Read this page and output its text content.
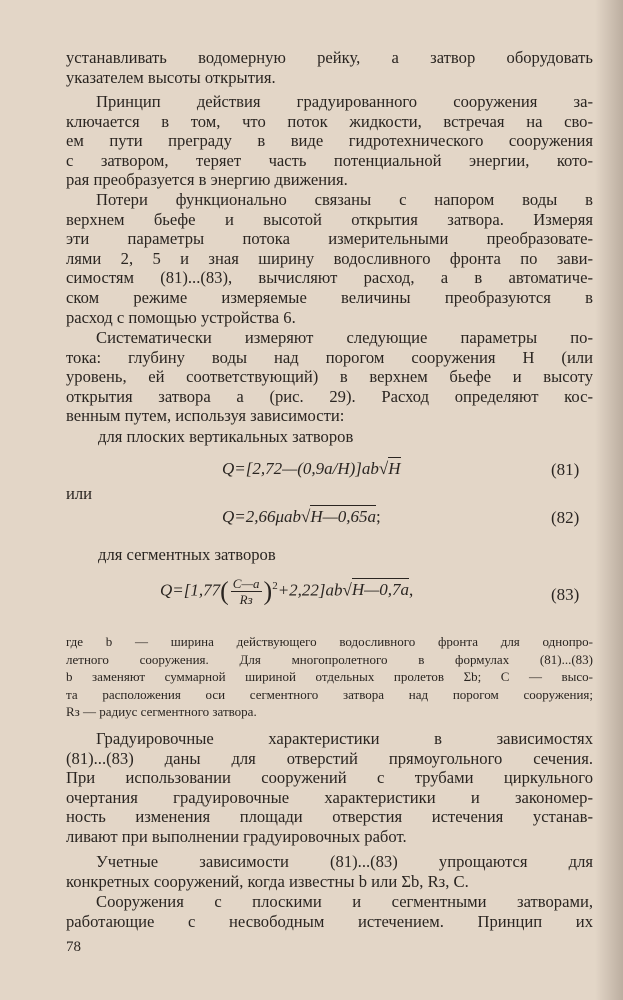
устанавливать водомерную рейку, а затвор оборудовать
указателем высоты открытия.
Принцип действия градуированного сооружения за-
ключается в том, что поток жидкости, встречая на сво-
ем пути преграду в виде гидротехнического сооружения
с затвором, теряет часть потенциальной энергии, кото-
рая преобразуется в энергию движения.
Потери функционально связаны с напором воды в
верхнем бьефе и высотой открытия затвора. Измеряя
эти параметры потока измерительными преобразовате-
лями 2, 5 и зная ширину водосливного фронта по зави-
симостям (81)...(83), вычисляют расход, а в автоматиче-
ском режиме измеряемые величины преобразуются в
расход с помощью устройства 6.
Систематически измеряют следующие параметры по-
тока: глубину воды над порогом сооружения H (или
уровень, ей соответствующий) в верхнем бьефе и высоту
открытия затвора a (рис. 29). Расход определяют кос-
венным путем, используя зависимости:
для плоских вертикальных затворов
Q=[2,72—(0,9a/H)]ab√H	(81)
или
Q=2,66μab√H—0,65a;	(82)
для сегментных затворов
$Q=[1,77( \frac{C—a}{Rз}$ )$^2+2,22]ab√H—0,7a$,	(83)
где b — ширина действующего водосливного фронта для однопро-
летного сооружения. Для многопролетного в формулах (81)...(83)
b заменяют суммарной шириной отдельных пролетов Σb; C — высо-
та расположения оси сегментного затвора над порогом сооружения;
Rз — радиус сегментного затвора.
Градуировочные характеристики в зависимостях
(81)...(83) даны для отверстий прямоугольного сечения.
При использовании сооружений с трубами циркульного
очертания градуировочные характеристики и закономер-
ность изменения площади отверстия истечения устанав-
ливают при выполнении градуировочных работ.
Учетные зависимости (81)...(83) упрощаются для
конкретных сооружений, когда известны b или Σb, Rз, C.
Сооружения с плоскими и сегментными затворами,
работающие с несвободным истечением. Принцип их
78
